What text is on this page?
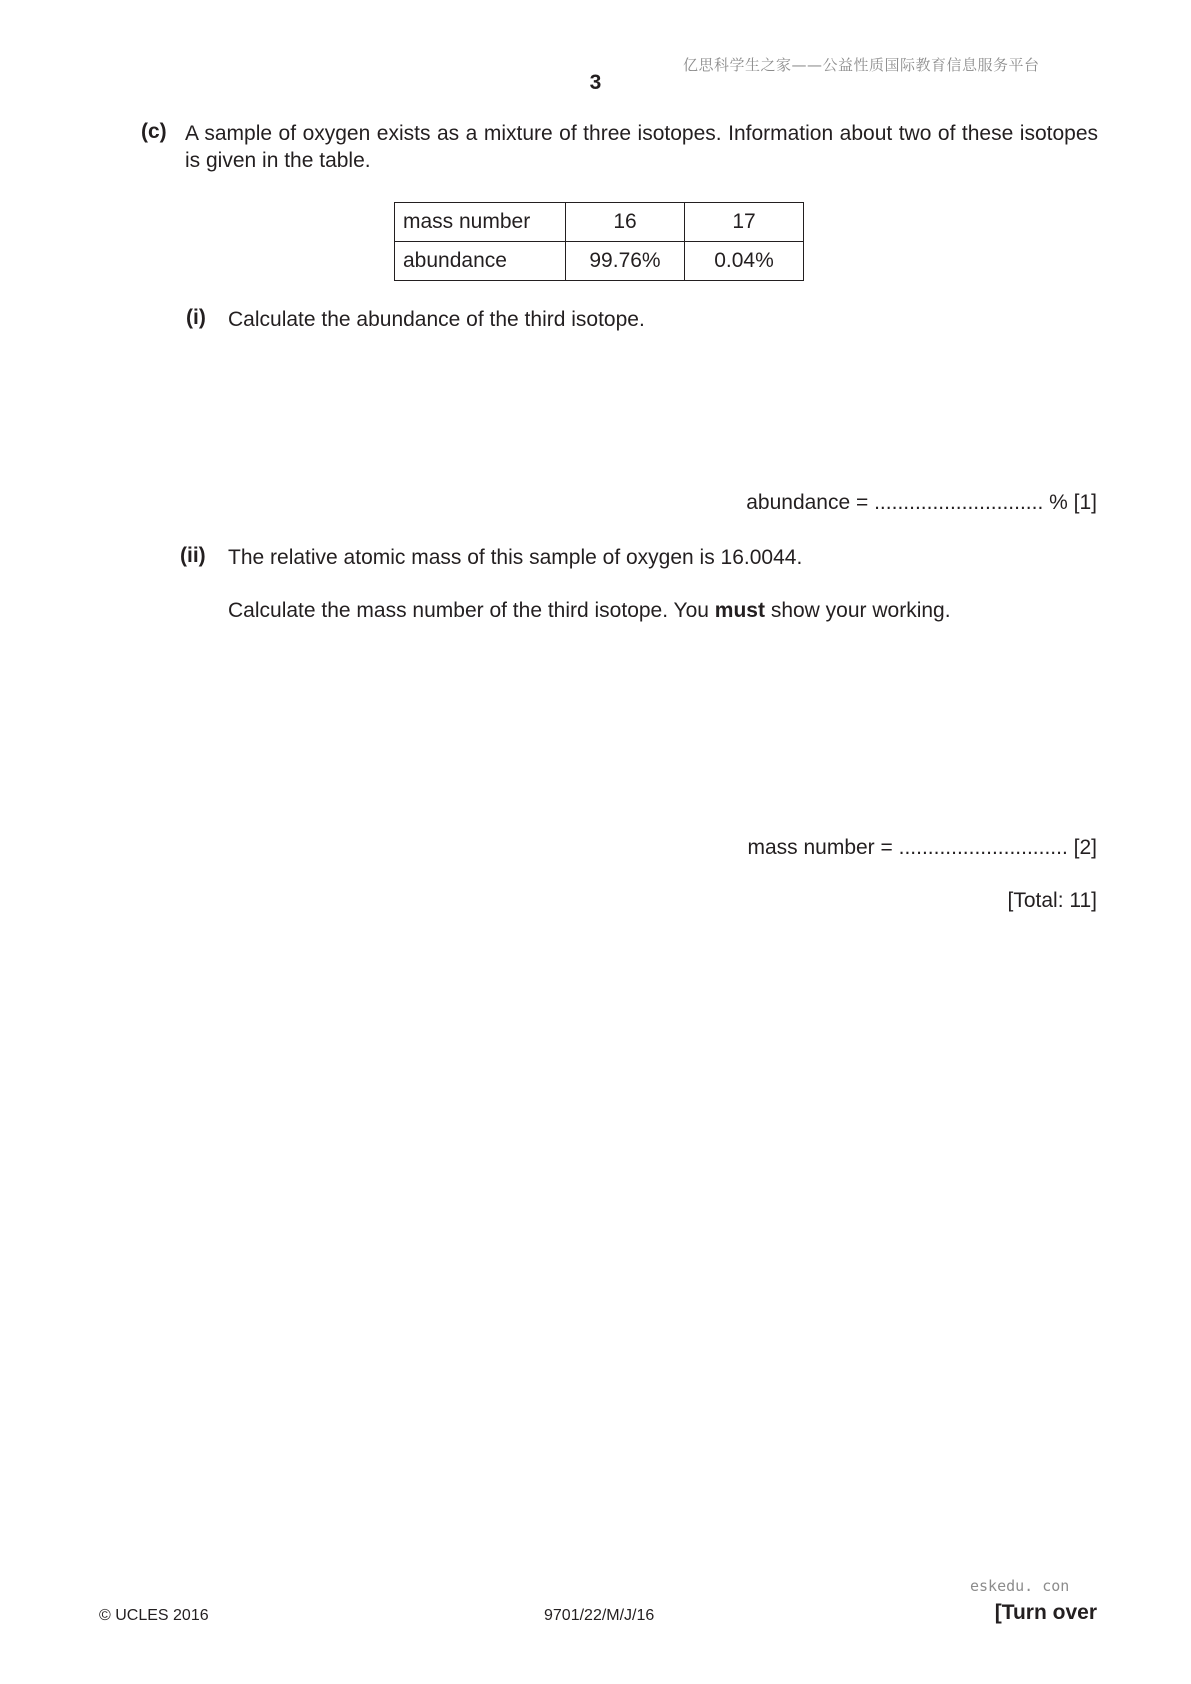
亿思科学生之家——公益性质国际教育信息服务平台
3
(c) A sample of oxygen exists as a mixture of three isotopes. Information about two of these isotopes is given in the table.
mass number	16	17
abundance	99.76%	0.04%
(i) Calculate the abundance of the third isotope.
abundance = ............................. % [1]
(ii) The relative atomic mass of this sample of oxygen is 16.0044.
Calculate the mass number of the third isotope. You must show your working.
mass number = ............................. [2]
[Total: 11]
eskedu. con
© UCLES 2016	9701/22/M/J/16	[Turn over
